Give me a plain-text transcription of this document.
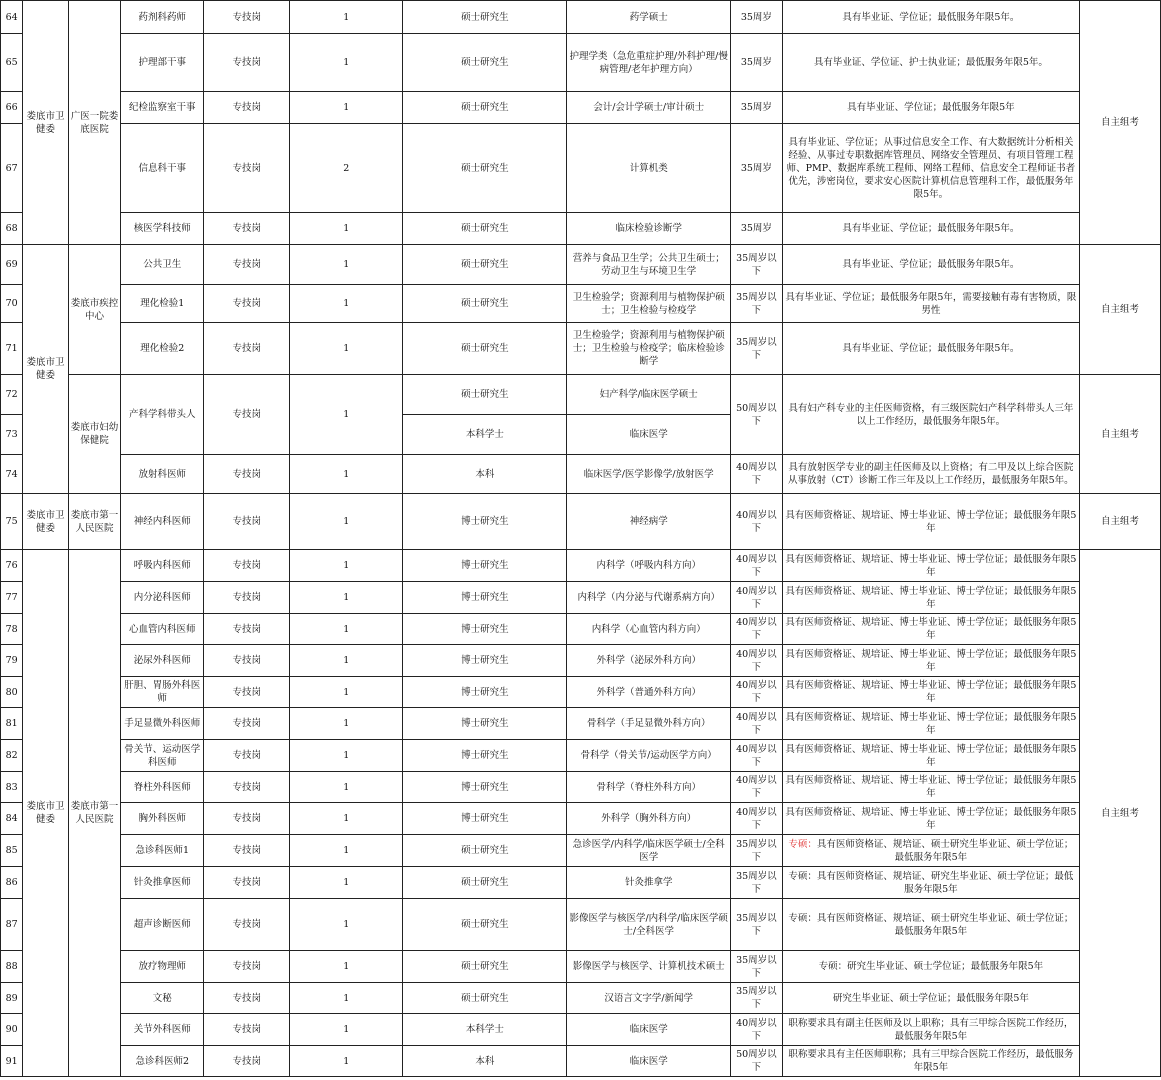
64	娄底市卫健委	广医一院娄底医院	药剂科药师	专技岗	1	硕士研究生	药学硕士	35周岁	具有毕业证、学位证；最低服务年限5年。	自主组考
65			护理部干事	专技岗	1	硕士研究生	护理学类（急危重症护理/外科护理/慢病管理/老年护理方向）	35周岁	具有毕业证、学位证、护士执业证；最低服务年限5年。	
66			纪检监察室干事	专技岗	1	硕士研究生	会计/会计学硕士/审计硕士	35周岁	具有毕业证、学位证；最低服务年限5年	
67			信息科干事	专技岗	2	硕士研究生	计算机类	35周岁	具有毕业证、学位证；从事过信息安全工作、有大数据统计分析相关经验、从事过专职数据库管理员、网络安全管理员、有项目管理工程师、PMP、数据库系统工程师、网络工程师、信息安全工程师证书者优先，涉密岗位，要求安心医院计算机信息管理科工作，最低服务年限5年。	
68			核医学科技师	专技岗	1	硕士研究生	临床检验诊断学	35周岁	具有毕业证、学位证；最低服务年限5年。	
69	娄底市卫健委	娄底市疾控中心	公共卫生	专技岗	1	硕士研究生	营养与食品卫生学；公共卫生硕士；劳动卫生与环境卫生学	35周岁以下	具有毕业证、学位证；最低服务年限5年。	自主组考
70			理化检验1	专技岗	1	硕士研究生	卫生检验学；资源利用与植物保护硕士；卫生检验与检疫学	35周岁以下	具有毕业证、学位证；最低服务年限5年，需要接触有毒有害物质，限男性	
71			理化检验2	专技岗	1	硕士研究生	卫生检验学；资源利用与植物保护硕士；卫生检验与检疫学；临床检验诊断学	35周岁以下	具有毕业证、学位证；最低服务年限5年。	
72		娄底市妇幼保健院	产科学科带头人	专技岗	1	硕士研究生	妇产科学/临床医学硕士	50周岁以下	具有妇产科专业的主任医师资格，有三级医院妇产科学科带头人三年以上工作经历，最低服务年限5年。	自主组考
73						本科学士	临床医学			
74			放射科医师	专技岗	1	本科	临床医学/医学影像学/放射医学	40周岁以下	具有放射医学专业的副主任医师及以上资格；有二甲及以上综合医院从事放射（CT）诊断工作三年及以上工作经历，最低服务年限5年。	
75	娄底市卫健委	娄底市第一人民医院	神经内科医师	专技岗	1	博士研究生	神经病学	40周岁以下	具有医师资格证、规培证、博士毕业证、博士学位证；最低服务年限5年	自主组考
76	娄底市卫健委	娄底市第一人民医院	呼吸内科医师	专技岗	1	博士研究生	内科学（呼吸内科方向）	40周岁以下	具有医师资格证、规培证、博士毕业证、博士学位证；最低服务年限5年	自主组考
77			内分泌科医师	专技岗	1	博士研究生	内科学（内分泌与代谢系病方向）	40周岁以下	具有医师资格证、规培证、博士毕业证、博士学位证；最低服务年限5年	
78			心血管内科医师	专技岗	1	博士研究生	内科学（心血管内科方向）	40周岁以下	具有医师资格证、规培证、博士毕业证、博士学位证；最低服务年限5年	
79			泌尿外科医师	专技岗	1	博士研究生	外科学（泌尿外科方向）	40周岁以下	具有医师资格证、规培证、博士毕业证、博士学位证；最低服务年限5年	
80			肝胆、胃肠外科医师	专技岗	1	博士研究生	外科学（普通外科方向）	40周岁以下	具有医师资格证、规培证、博士毕业证、博士学位证；最低服务年限5年	
81			手足显微外科医师	专技岗	1	博士研究生	骨科学（手足显微外科方向）	40周岁以下	具有医师资格证、规培证、博士毕业证、博士学位证；最低服务年限5年	
82			骨关节、运动医学科医师	专技岗	1	博士研究生	骨科学（骨关节/运动医学方向）	40周岁以下	具有医师资格证、规培证、博士毕业证、博士学位证；最低服务年限5年	
83			脊柱外科医师	专技岗	1	博士研究生	骨科学（脊柱外科方向）	40周岁以下	具有医师资格证、规培证、博士毕业证、博士学位证；最低服务年限5年	
84			胸外科医师	专技岗	1	博士研究生	外科学（胸外科方向）	40周岁以下	具有医师资格证、规培证、博士毕业证、博士学位证；最低服务年限5年	
85			急诊科医师1	专技岗	1	硕士研究生	急诊医学/内科学/临床医学硕士/全科医学	35周岁以下	专硕：具有医师资格证、规培证、硕士研究生毕业证、硕士学位证；最低服务年限5年	
86			针灸推拿医师	专技岗	1	硕士研究生	针灸推拿学	35周岁以下	专硕：具有医师资格证、规培证、研究生毕业证、硕士学位证；最低服务年限5年	
87			超声诊断医师	专技岗	1	硕士研究生	影像医学与核医学/内科学/临床医学硕士/全科医学	35周岁以下	专硕：具有医师资格证、规培证、硕士研究生毕业证、硕士学位证；最低服务年限5年	
88			放疗物理师	专技岗	1	硕士研究生	影像医学与核医学、计算机技术硕士	35周岁以下	专硕：研究生毕业证、硕士学位证；最低服务年限5年	
89			文秘	专技岗	1	硕士研究生	汉语言文字学/新闻学	35周岁以下	研究生毕业证、硕士学位证；最低服务年限5年	
90			关节外科医师	专技岗	1	本科学士	临床医学	40周岁以下	职称要求具有副主任医师及以上职称；具有三甲综合医院工作经历，最低服务年限5年	
91			急诊科医师2	专技岗	1	本科	临床医学	50周岁以下	职称要求具有主任医师职称；具有三甲综合医院工作经历，最低服务年限5年	
